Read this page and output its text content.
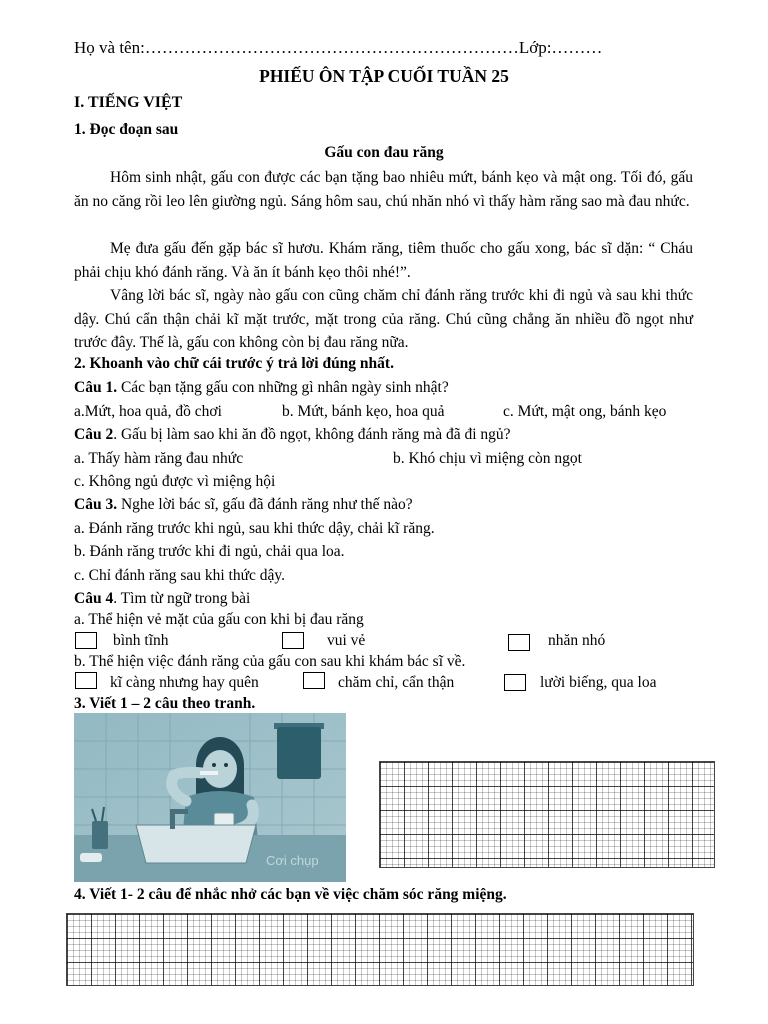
Họ và tên:…………………………………………………………Lớp:………
PHIẾU ÔN TẬP CUỐI TUẦN 25
I. TIẾNG VIỆT
1. Đọc đoạn sau
Gấu con đau răng
Hôm sinh nhật, gấu con được các bạn tặng bao nhiêu mứt, bánh kẹo và mật ong. Tối đó, gấu ăn no căng rồi leo lên giường ngủ. Sáng hôm sau, chú nhăn nhó vì thấy hàm răng sao mà đau nhức.
Mẹ đưa gấu đến gặp bác sĩ hươu. Khám răng, tiêm thuốc cho gấu xong, bác sĩ dặn: “ Cháu phải chịu khó đánh răng. Và ăn ít bánh kẹo thôi nhé!”.
Vâng lời bác sĩ, ngày nào gấu con cũng chăm chỉ đánh răng trước khi đi ngủ và sau khi thức dậy. Chú cẩn thận chải kĩ mặt trước, mặt trong của răng. Chú cũng chẳng ăn nhiều đồ ngọt như trước đây. Thế là, gấu con không còn bị đau răng nữa.
2. Khoanh vào chữ cái trước ý trả lời đúng nhất.
Câu 1. Các bạn tặng gấu con những gì nhân ngày sinh nhật?
a.Mứt, hoa quả, đồ chơi	b. Mứt, bánh kẹo, hoa quả	c. Mứt, mật ong, bánh kẹo
Câu 2. Gấu bị làm sao khi ăn đồ ngọt, không đánh răng mà đã đi ngủ?
a. Thấy hàm răng đau nhức	b. Khó chịu vì miệng còn ngọt
c. Không ngủ được vì miệng hội
Câu 3. Nghe lời bác sĩ, gấu đã đánh răng như thế nào?
a. Đánh răng trước khi ngủ, sau khi thức dậy, chải kĩ răng.
b. Đánh răng trước khi đi ngủ, chải qua loa.
c. Chỉ đánh răng sau khi thức dậy.
Câu 4. Tìm từ ngữ trong bài
a. Thể hiện vẻ mặt của gấu con khi bị đau răng
bình tĩnh	vui vẻ	nhăn nhó
b. Thể hiện việc đánh răng của gấu con sau khi khám bác sĩ về.
kĩ càng nhưng hay quên	chăm chỉ, cẩn thận	lười biếng, qua loa
3. Viết 1 – 2 câu theo tranh.
Cơi chụp
4. Viết 1- 2 câu để nhắc nhở các bạn về việc chăm sóc răng miệng.
